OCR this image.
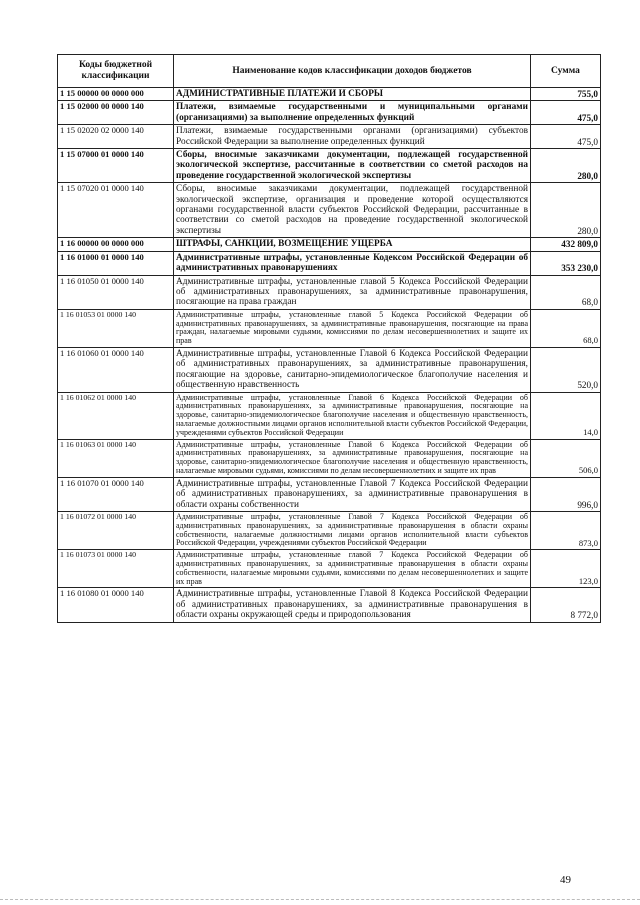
Коды бюджетной классификации	Наименование кодов классификации доходов бюджетов	Сумма
1 15 00000 00 0000 000	АДМИНИСТРАТИВНЫЕ ПЛАТЕЖИ И СБОРЫ	755,0
1 15 02000 00 0000 140	Платежи, взимаемые государственными и муниципальными органами (организациями) за выполнение определенных функций	475,0
1 15 02020 02 0000 140	Платежи, взимаемые государственными органами (организациями) субъектов Российской Федерации за выполнение определенных функций	475,0
1 15 07000 01 0000 140	Сборы, вносимые заказчиками документации, подлежащей государственной экологической экспертизе, рассчитанные в соответствии со сметой расходов на проведение государственной экологической экспертизы	280,0
1 15 07020 01 0000 140	Сборы, вносимые заказчиками документации, подлежащей государственной экологической экспертизе, организация и проведение которой осуществляются органами государственной власти субъектов Российской Федерации, рассчитанные в соответствии со сметой расходов на проведение государственной экологической экспертизы	280,0
1 16 00000 00 0000 000	ШТРАФЫ, САНКЦИИ, ВОЗМЕЩЕНИЕ УЩЕРБА	432 809,0
1 16 01000 01 0000 140	Административные штрафы, установленные Кодексом Российской Федерации об административных правонарушениях	353 230,0
1 16 01050 01 0000 140	Административные штрафы, установленные главой 5 Кодекса Российской Федерации об административных правонарушениях, за административные правонарушения, посягающие на права граждан	68,0
1 16 01053 01 0000 140	Административные штрафы, установленные главой 5 Кодекса Российской Федерации об административных правонарушениях, за административные правонарушения, посягающие на права граждан, налагаемые мировыми судьями, комиссиями по делам несовершеннолетних и защите их прав	68,0
1 16 01060 01 0000 140	Административные штрафы, установленные Главой 6 Кодекса Российской Федерации об административных правонарушениях, за административные правонарушения, посягающие на здоровье, санитарно-эпидемиологическое благополучие населения и общественную нравственность	520,0
1 16 01062 01 0000 140	Административные штрафы, установленные Главой 6 Кодекса Российской Федерации об административных правонарушениях, за административные правонарушения, посягающие на здоровье, санитарно-эпидемиологическое благополучие населения и общественную нравственность, налагаемые должностными лицами органов исполнительной власти субъектов Российской Федерации, учреждениями субъектов Российской Федерации	14,0
1 16 01063 01 0000 140	Административные штрафы, установленные Главой 6 Кодекса Российской Федерации об административных правонарушениях, за административные правонарушения, посягающие на здоровье, санитарно-эпидемиологическое благополучие населения и общественную нравственность, налагаемые мировыми судьями, комиссиями по делам несовершеннолетних и защите их прав	506,0
1 16 01070 01 0000 140	Административные штрафы, установленные Главой 7 Кодекса Российской Федерации об административных правонарушениях, за административные правонарушения в области охраны собственности	996,0
1 16 01072 01 0000 140	Административные штрафы, установленные Главой 7 Кодекса Российской Федерации об административных правонарушениях, за административные правонарушения в области охраны собственности, налагаемые должностными лицами органов исполнительной власти субъектов Российской Федерации, учреждениями субъектов Российской Федерации	873,0
1 16 01073 01 0000 140	Административные штрафы, установленные главой 7 Кодекса Российской Федерации об административных правонарушениях, за административные правонарушения в области охраны собственности, налагаемые мировыми судьями, комиссиями по делам несовершеннолетних и защите их прав	123,0
1 16 01080 01 0000 140	Административные штрафы, установленные Главой 8 Кодекса Российской Федерации об административных правонарушениях, за административные правонарушения в области охраны окружающей среды и природопользования	8 772,0
49
